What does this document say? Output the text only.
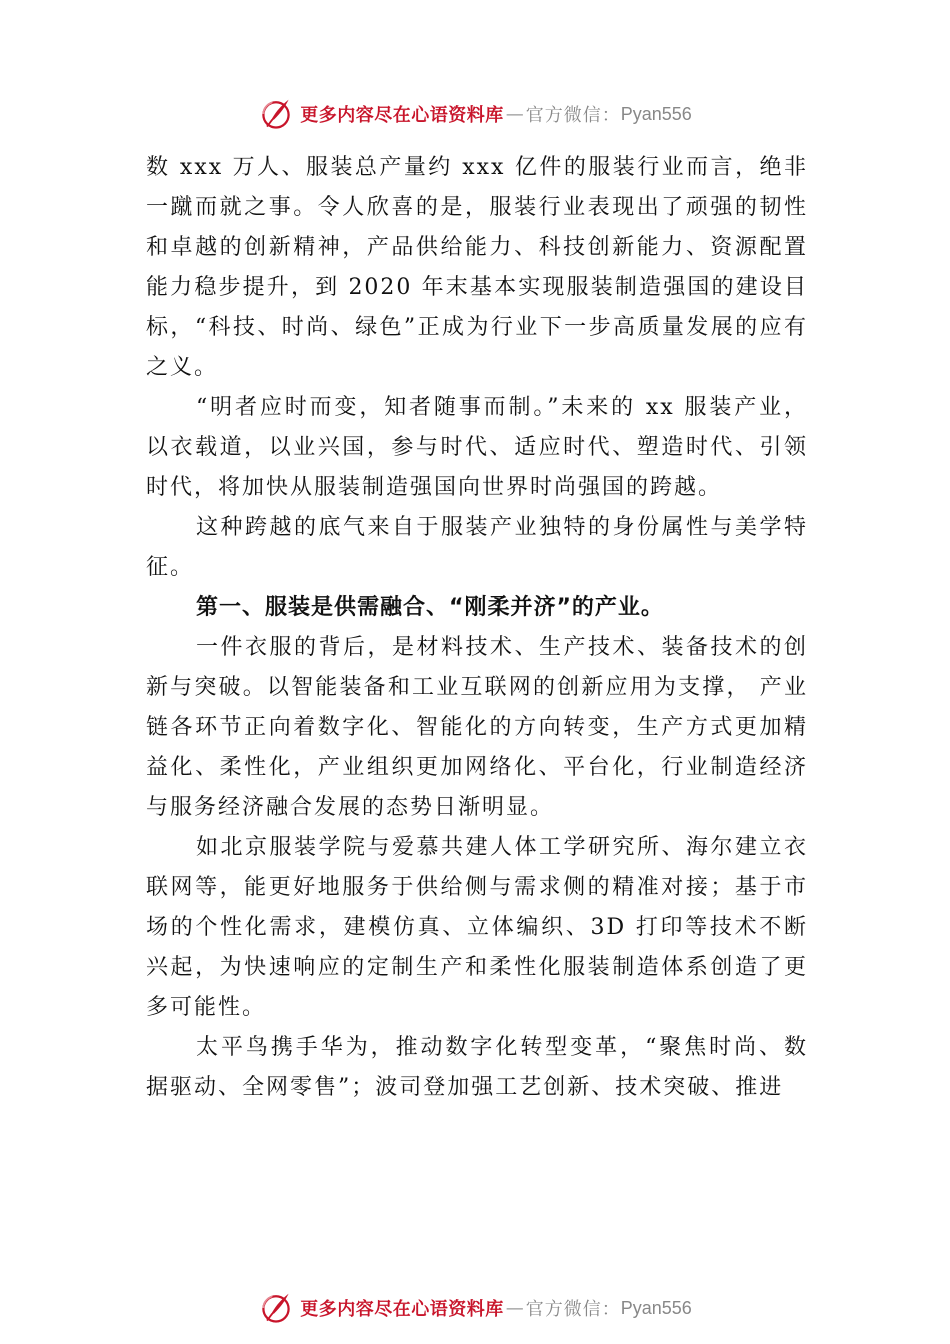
更多内容尽在心语资料库 — 官方微信： Pyan556

数 xxx 万人、服装总产量约 xxx 亿件的服装行业而言，绝非一蹴而就之事。令人欣喜的是，服装行业表现出了顽强的韧性和卓越的创新精神，产品供给能力、科技创新能力、资源配置能力稳步提升，到 2020 年末基本实现服装制造强国的建设目标，“科技、时尚、绿色”正成为行业下一步高质量发展的应有之义。

“明者应时而变，知者随事而制。”未来的 xx 服装产业，以衣载道，以业兴国，参与时代、适应时代、塑造时代、引领时代，将加快从服装制造强国向世界时尚强国的跨越。

这种跨越的底气来自于服装产业独特的身份属性与美学特征。

第一、服装是供需融合、“刚柔并济”的产业。

一件衣服的背后，是材料技术、生产技术、装备技术的创新与突破。以智能装备和工业互联网的创新应用为支撑， 产业链各环节正向着数字化、智能化的方向转变，生产方式更加精益化、柔性化，产业组织更加网络化、平台化，行业制造经济与服务经济融合发展的态势日渐明显。

如北京服装学院与爱慕共建人体工学研究所、海尔建立衣联网等，能更好地服务于供给侧与需求侧的精准对接；基于市场的个性化需求，建模仿真、立体编织、3D 打印等技术不断兴起，为快速响应的定制生产和柔性化服装制造体系创造了更多可能性。

太平鸟携手华为，推动数字化转型变革，“聚焦时尚、数据驱动、全网零售”；波司登加强工艺创新、技术突破、推进

更多内容尽在心语资料库 — 官方微信： Pyan556
